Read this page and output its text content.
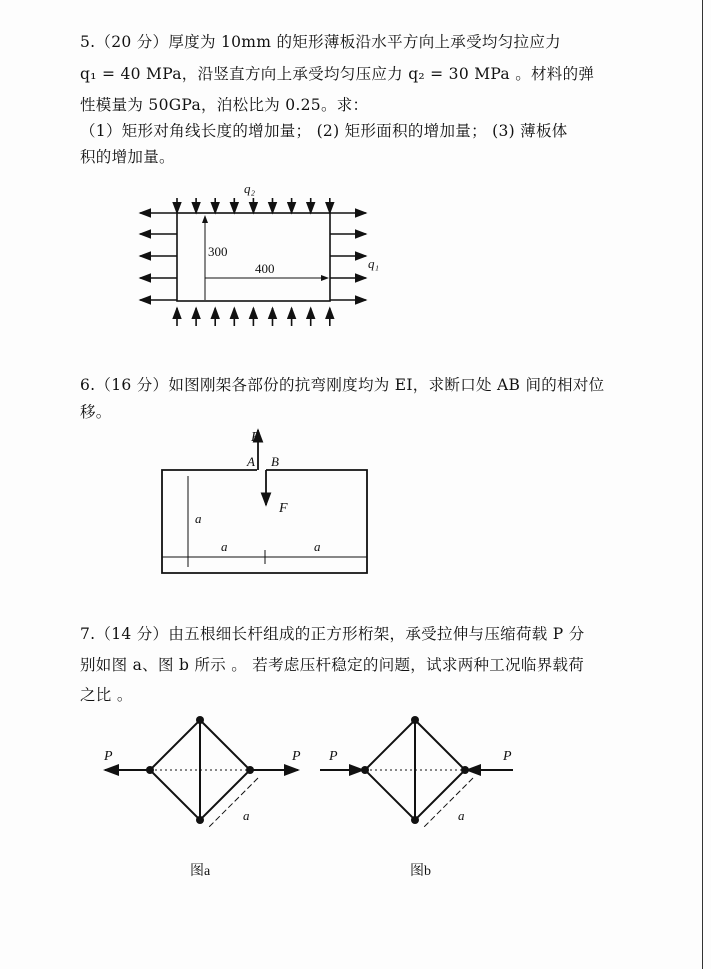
5.（20 分）厚度为 10mm 的矩形薄板沿水平方向上承受均匀拉应力
q₁ = 40 MPa，沿竖直方向上承受均匀压应力 q₂ = 30 MPa 。材料的弹
性模量为 50GPa，泊松比为 0.25。求：
（1）矩形对角线长度的增加量； (2) 矩形面积的增加量； (3) 薄板体
积的增加量。
6.（16 分）如图刚架各部份的抗弯刚度均为 EI，求断口处 AB 间的相对位
移。
7.（14 分）由五根细长杆组成的正方形桁架，承受拉伸与压缩荷载 P 分
别如图 a、图 b 所示 。 若考虑压杆稳定的问题，试求两种工况临界载荷
之比 。
q₂
q₁
300
400
F
F
A B
a
a	a
P	P
a
图a
P	P
a
图b
